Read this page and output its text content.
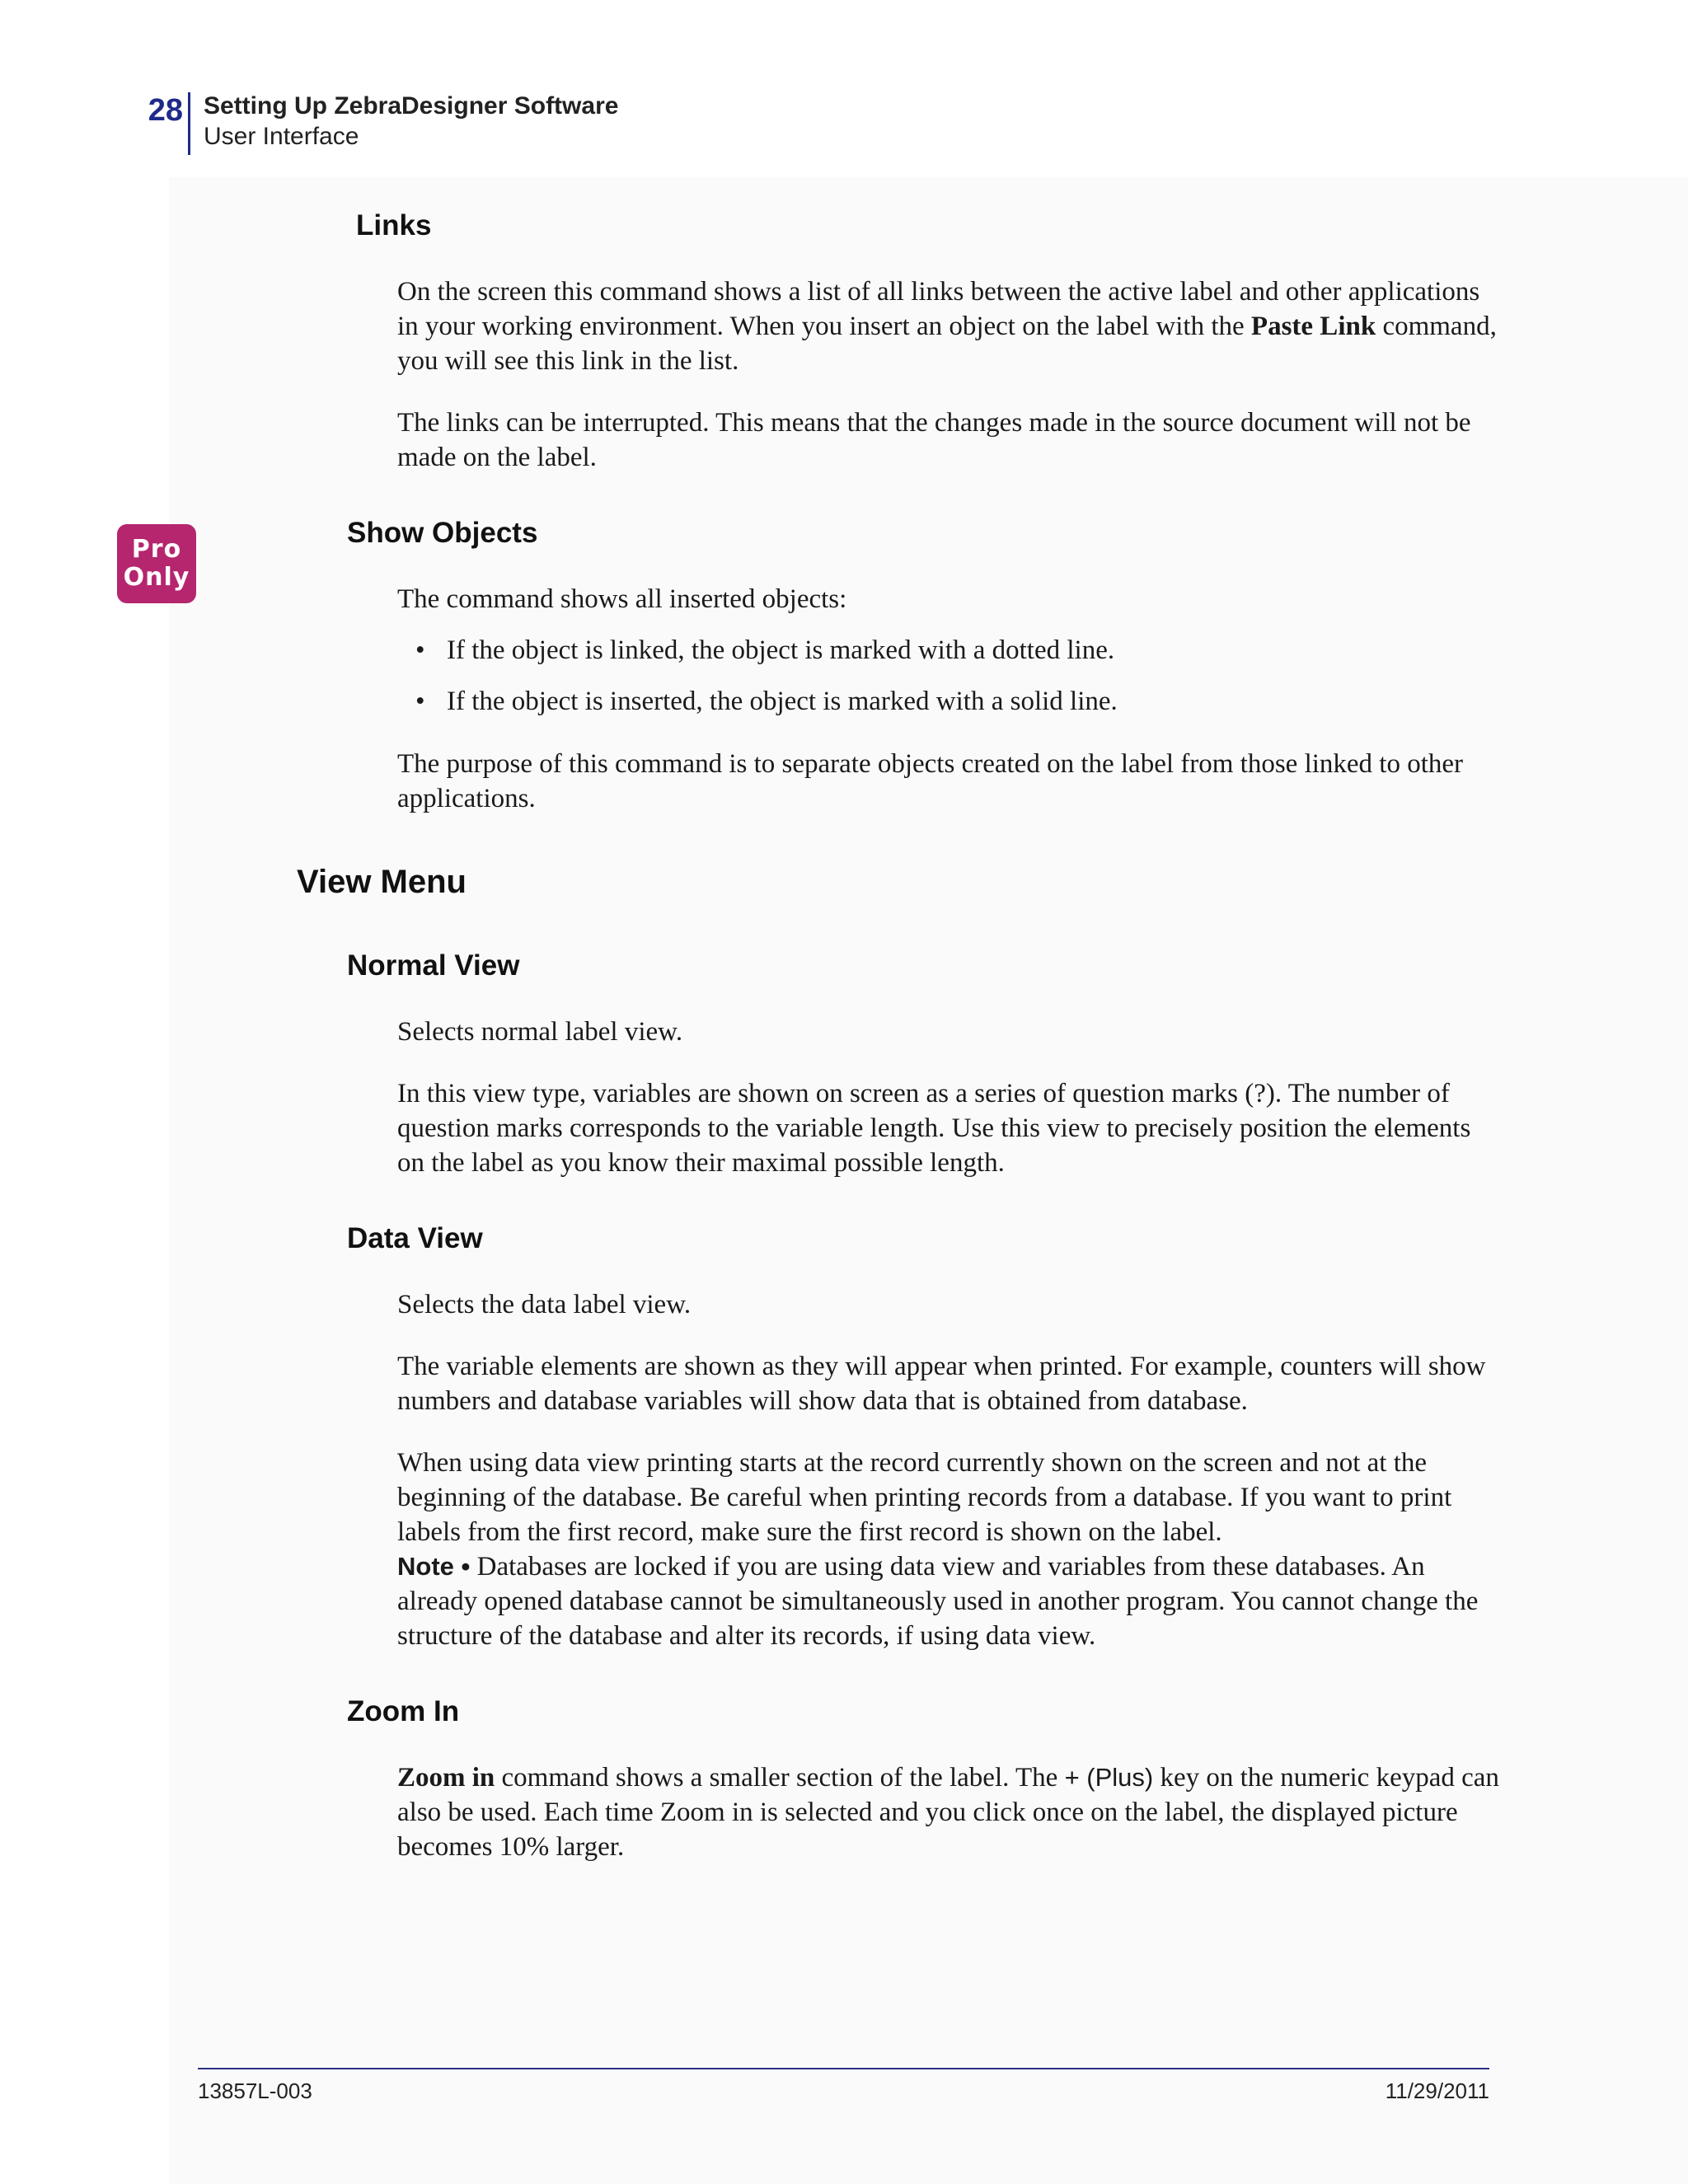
28 Setting Up ZebraDesigner Software
User Interface
Links

On the screen this command shows a list of all links between the active label and other applications in your working environment. When you insert an object on the label with the Paste Link command, you will see this link in the list.

The links can be interrupted. This means that the changes made in the source document will not be made on the label.

Pro
Only
Show Objects

The command shows all inserted objects:

• If the object is linked, the object is marked with a dotted line.
• If the object is inserted, the object is marked with a solid line.

The purpose of this command is to separate objects created on the label from those linked to other applications.

View Menu
Normal View

Selects normal label view.

In this view type, variables are shown on screen as a series of question marks (?). The number of question marks corresponds to the variable length. Use this view to precisely position the elements on the label as you know their maximal possible length.

Data View

Selects the data label view.

The variable elements are shown as they will appear when printed. For example, counters will show numbers and database variables will show data that is obtained from database.

When using data view printing starts at the record currently shown on the screen and not at the beginning of the database. Be careful when printing records from a database. If you want to print labels from the first record, make sure the first record is shown on the label.
Note • Databases are locked if you are using data view and variables from these databases. An already opened database cannot be simultaneously used in another program. You cannot change the structure of the database and alter its records, if using data view.

Zoom In

Zoom in command shows a smaller section of the label. The + (Plus) key on the numeric keypad can also be used. Each time Zoom in is selected and you click once on the label, the displayed picture becomes 10% larger.

13857L-003	11/29/2011
